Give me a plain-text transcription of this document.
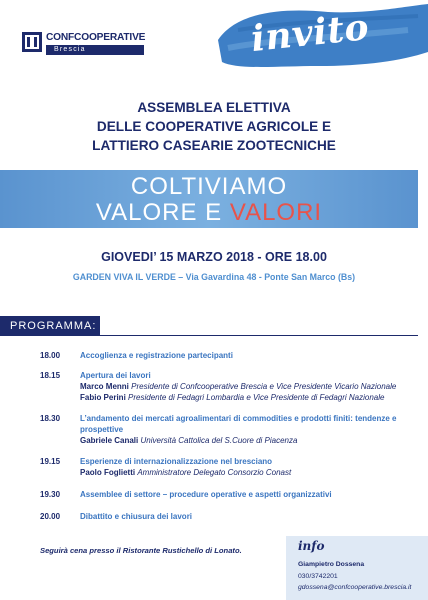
CONFCOOPERATIVE
Brescia	invito
ASSEMBLEA ELETTIVA
DELLE COOPERATIVE AGRICOLE E
LATTIERO CASEARIE ZOOTECNICHE
COLTIVIAMO
VALORE E VALORI
GIOVEDI’ 15 MARZO 2018 - ORE 18.00
GARDEN VIVA IL VERDE – Via Gavardina 48 - Ponte San Marco (Bs)
PROGRAMMA:
18.00 Accoglienza e registrazione partecipanti
18.15 Apertura dei lavori
Marco Menni Presidente di Confcooperative Brescia e Vice Presidente Vicario Nazionale
Fabio Perini Presidente di Fedagri Lombardia e Vice Presidente di Fedagri Nazionale
18.30 L’andamento dei mercati agroalimentari di commodities e prodotti finiti: tendenze e prospettive
Gabriele Canali Università Cattolica del S.Cuore di Piacenza
19.15 Esperienze di internazionalizzazione nel bresciano
Paolo Foglietti Amministratore Delegato Consorzio Conast
19.30 Assemblee di settore – procedure operative e aspetti organizzativi
20.00 Dibattito e chiusura dei lavori
Seguirà cena presso il Ristorante Rustichello di Lonato.	info
Giampietro Dossena
030/3742201
gdossena@confcooperative.brescia.it
